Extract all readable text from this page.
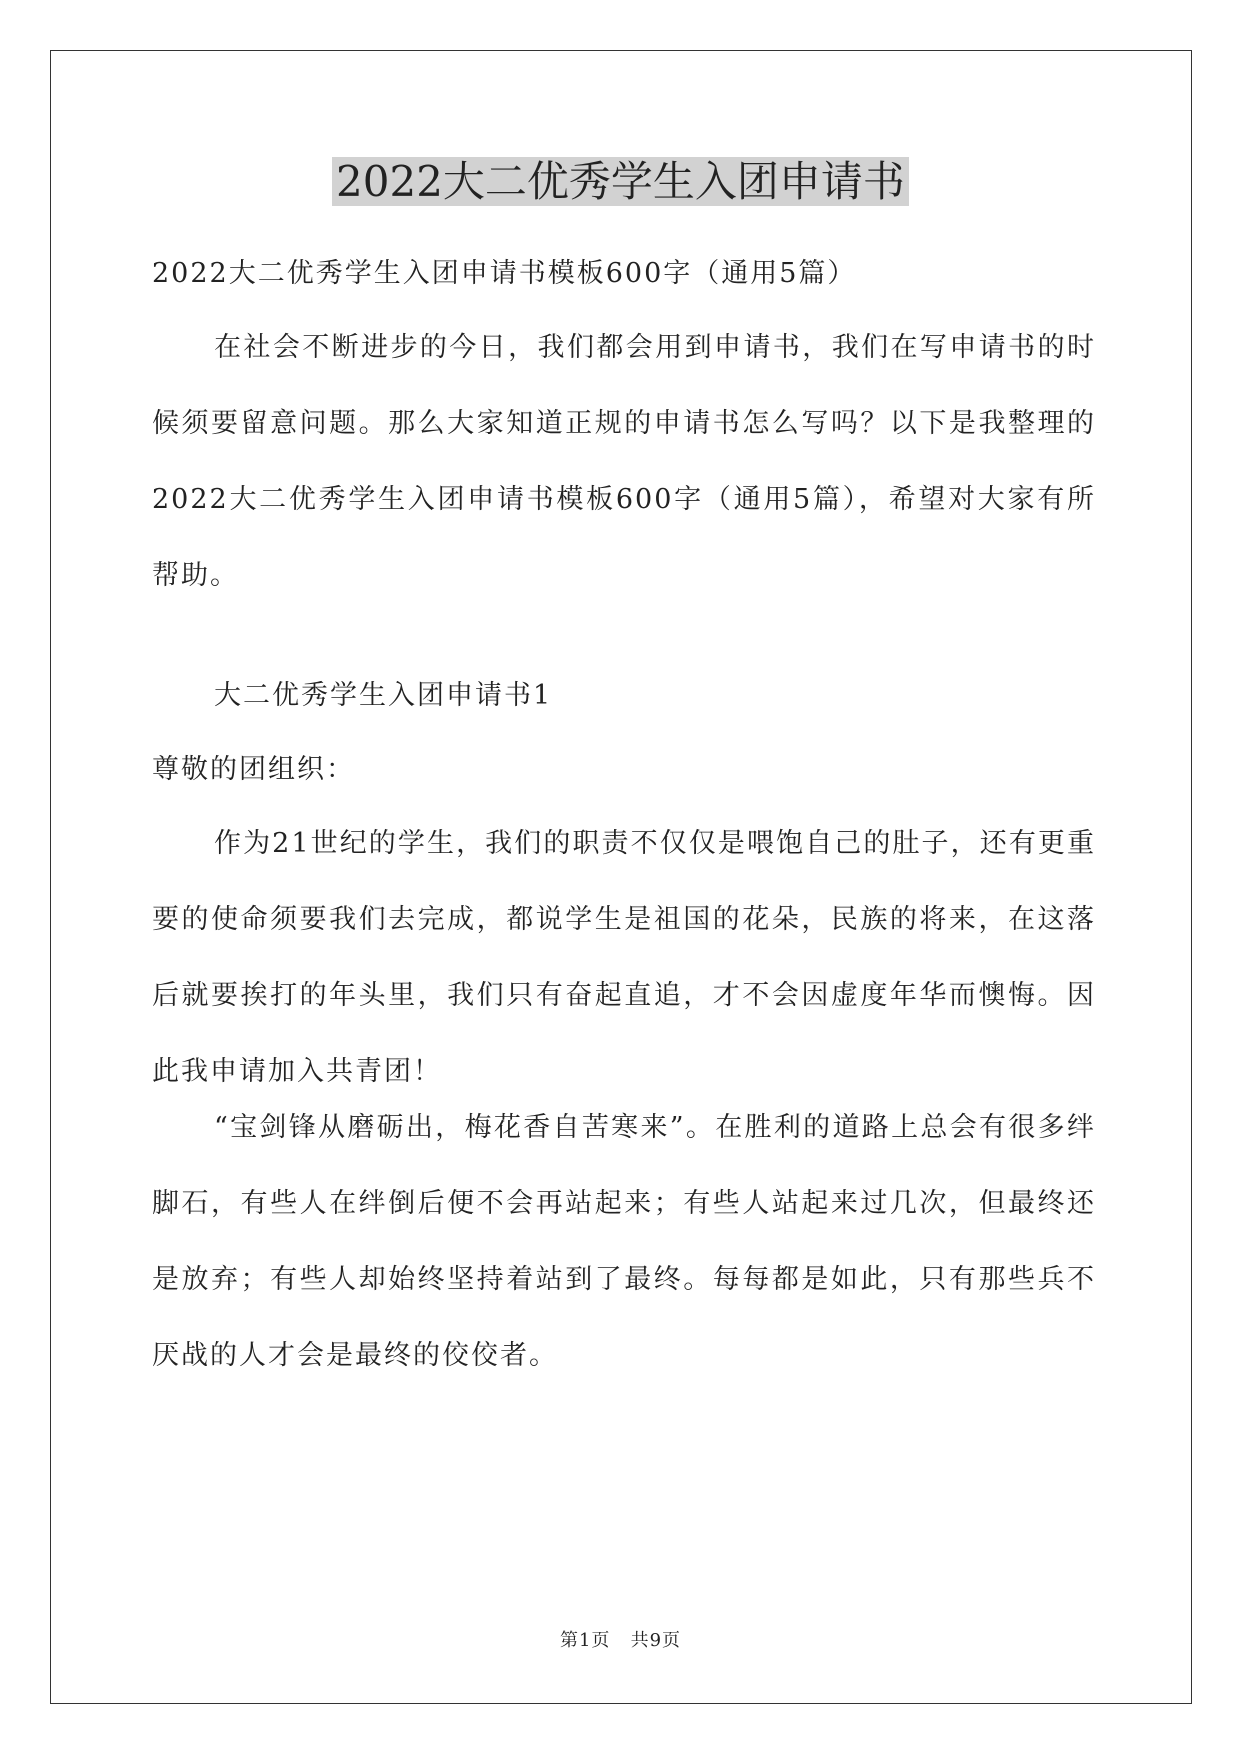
2022大二优秀学生入团申请书

2022大二优秀学生入团申请书模板600字（通用5篇）

在社会不断进步的今日，我们都会用到申请书，我们在写申请书的时候须要留意问题。那么大家知道正规的申请书怎么写吗？以下是我整理的2022大二优秀学生入团申请书模板600字（通用5篇），希望对大家有所帮助。

大二优秀学生入团申请书1

尊敬的团组织：

作为21世纪的学生，我们的职责不仅仅是喂饱自己的肚子，还有更重要的使命须要我们去完成，都说学生是祖国的花朵，民族的将来，在这落后就要挨打的年头里，我们只有奋起直追，才不会因虚度年华而懊悔。因此我申请加入共青团！

“宝剑锋从磨砺出，梅花香自苦寒来”。在胜利的道路上总会有很多绊脚石，有些人在绊倒后便不会再站起来；有些人站起来过几次，但最终还是放弃；有些人却始终坚持着站到了最终。每每都是如此，只有那些兵不厌战的人才会是最终的佼佼者。

第1页 共9页
